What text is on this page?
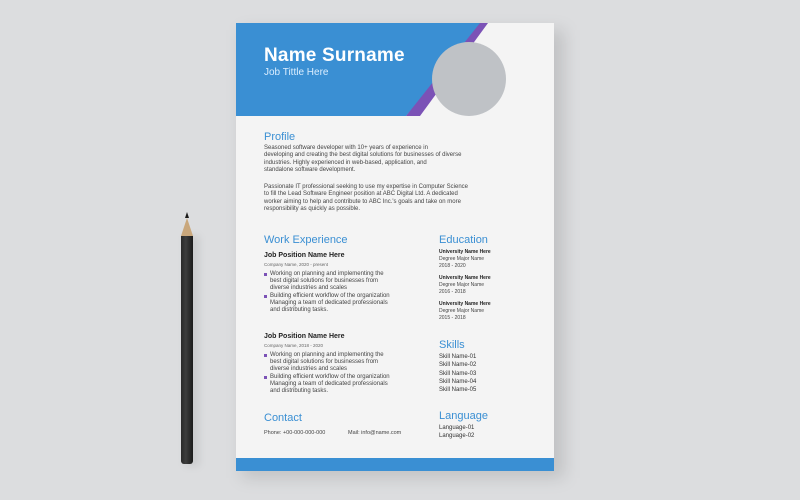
Name Surname
Job Tittle Here
Profile
Seasoned software developer with 10+ years of experience in
developing and creating the best digital solutions for businesses of diverse
industries. Highly experienced in web-based, application, and
standalone software development.
Passionate IT professional seeking to use my expertise in Computer Science
to fill the Lead Software Engineer position at ABC Digital Ltd. A dedicated
worker aiming to help and contribute to ABC Inc.'s goals and take on more
responsibility as quickly as possible.
Work Experience
Job Position Name Here
Company Name, 2020 - present
Working on planning and implementing the
best digital solutions for businesses from
diverse industries and scales
Building efficient workflow of the organization
Managing a team of dedicated professionals
and distributing tasks.
Job Position Name Here
Company Name, 2018 - 2020
Working on planning and implementing the
best digital solutions for businesses from
diverse industries and scales
Building efficient workflow of the organization
Managing a team of dedicated professionals
and distributing tasks.
Contact
Phone: +00-000-000-000	Mail: info@name.com
Education
University Name Here
Degree Major Name
2018 - 2020
University Name Here
Degree Major Name
2016 - 2018
University Name Here
Degree Major Name
2015 - 2018
Skills
Skill Name-01
Skill Name-02
Skill Name-03
Skill Name-04
Skill Name-05
Language
Language-01
Language-02
